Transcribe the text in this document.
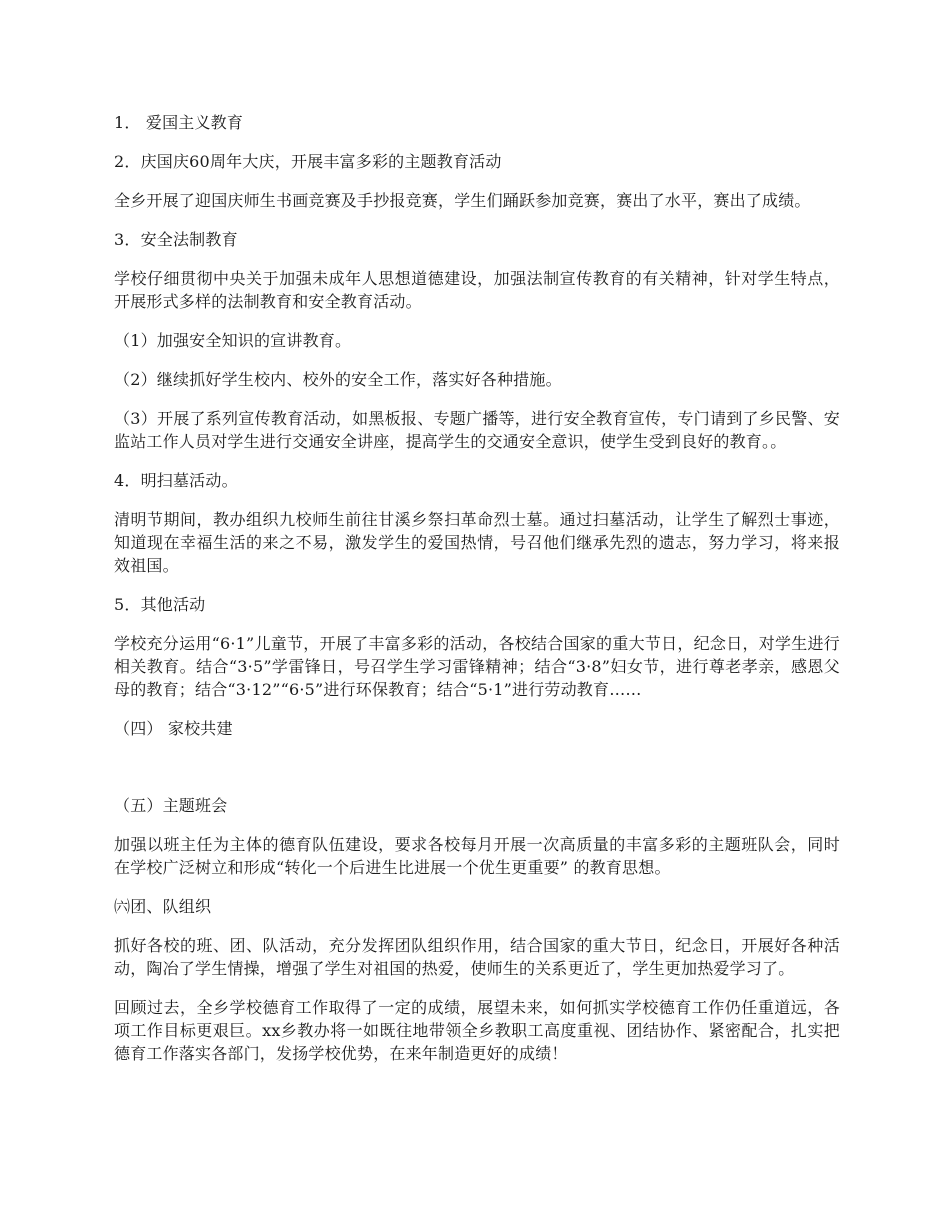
1． 爱国主义教育

2．庆国庆60周年大庆，开展丰富多彩的主题教育活动

全乡开展了迎国庆师生书画竞赛及手抄报竞赛，学生们踊跃参加竞赛，赛出了水平，赛出了成绩。

3．安全法制教育

学校仔细贯彻中央关于加强未成年人思想道德建设，加强法制宣传教育的有关精神，针对学生特点，开展形式多样的法制教育和安全教育活动。

（1）加强安全知识的宣讲教育。

（2）继续抓好学生校内、校外的安全工作，落实好各种措施。

（3）开展了系列宣传教育活动，如黑板报、专题广播等，进行安全教育宣传，专门请到了乡民警、安监站工作人员对学生进行交通安全讲座，提高学生的交通安全意识，使学生受到良好的教育。。

4．明扫墓活动。

清明节期间，教办组织九校师生前往甘溪乡祭扫革命烈士墓。通过扫墓活动，让学生了解烈士事迹，知道现在幸福生活的来之不易，激发学生的爱国热情，号召他们继承先烈的遗志，努力学习，将来报效祖国。

5．其他活动

学校充分运用“6·1”儿童节，开展了丰富多彩的活动，各校结合国家的重大节日，纪念日，对学生进行相关教育。结合“3·5”学雷锋日，号召学生学习雷锋精神；结合“3·8”妇女节，进行尊老孝亲，感恩父母的教育；结合“3·12”“6·5”进行环保教育；结合“5·1”进行劳动教育……

（四） 家校共建

（五）主题班会

加强以班主任为主体的德育队伍建设，要求各校每月开展一次高质量的丰富多彩的主题班队会，同时在学校广泛树立和形成“转化一个后进生比进展一个优生更重要” 的教育思想。

㈥团、队组织

抓好各校的班、团、队活动，充分发挥团队组织作用，结合国家的重大节日，纪念日，开展好各种活动，陶冶了学生情操，增强了学生对祖国的热爱，使师生的关系更近了，学生更加热爱学习了。

回顾过去，全乡学校德育工作取得了一定的成绩，展望未来，如何抓实学校德育工作仍任重道远，各项工作目标更艰巨。xx乡教办将一如既往地带领全乡教职工高度重视、团结协作、紧密配合，扎实把德育工作落实各部门，发扬学校优势，在来年制造更好的成绩！
